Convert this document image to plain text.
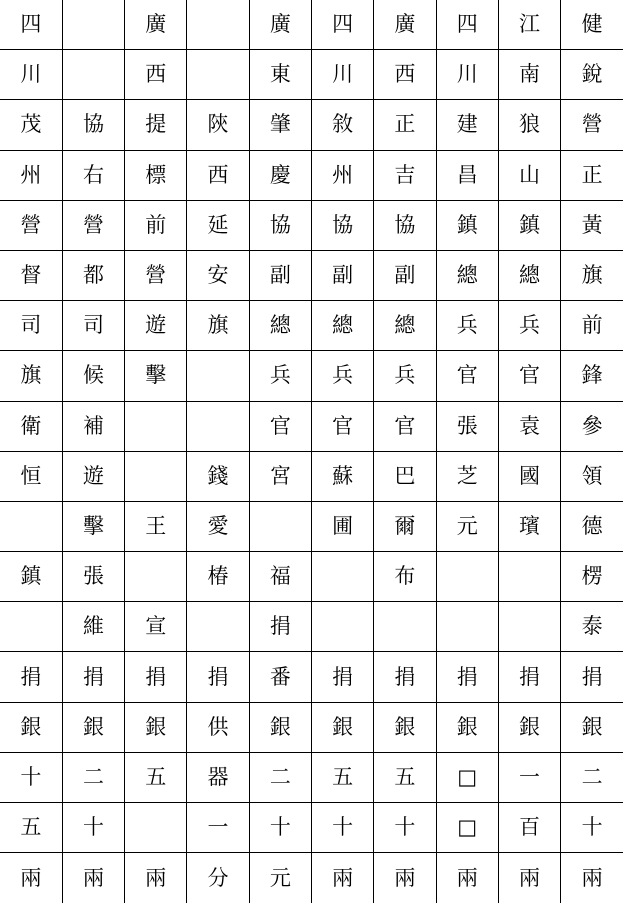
四		廣		廣	四	廣	四	江	健
川		西		東	川	西	川	南	銳
茂	協	提	陝	肇	敘	正	建	狼	營
州	右	標	西	慶	州	吉	昌	山	正
營	營	前	延	協	協	協	鎮	鎮	黃
督	都	營	安	副	副	副	總	總	旗
司	司	遊	旗	總	總	總	兵	兵	前
旗	候	擊		兵	兵	兵	官	官	鋒
衛	補			官	官	官	張	袁	參
恒	遊		錢	宮	蘇	巴	芝	國	領
	擊	王	愛		圃	爾	元	璸	德
鎮	張		椿	福		布			楞
	維	宣		捐					泰
捐	捐	捐	捐	番	捐	捐	捐	捐	捐
銀	銀	銀	供	銀	銀	銀	銀	銀	銀
十	二	五	器	二	五	五	□	一	二
五	十		一	十	十	十	□	百	十
兩	兩	兩	分	元	兩	兩	兩	兩	兩
